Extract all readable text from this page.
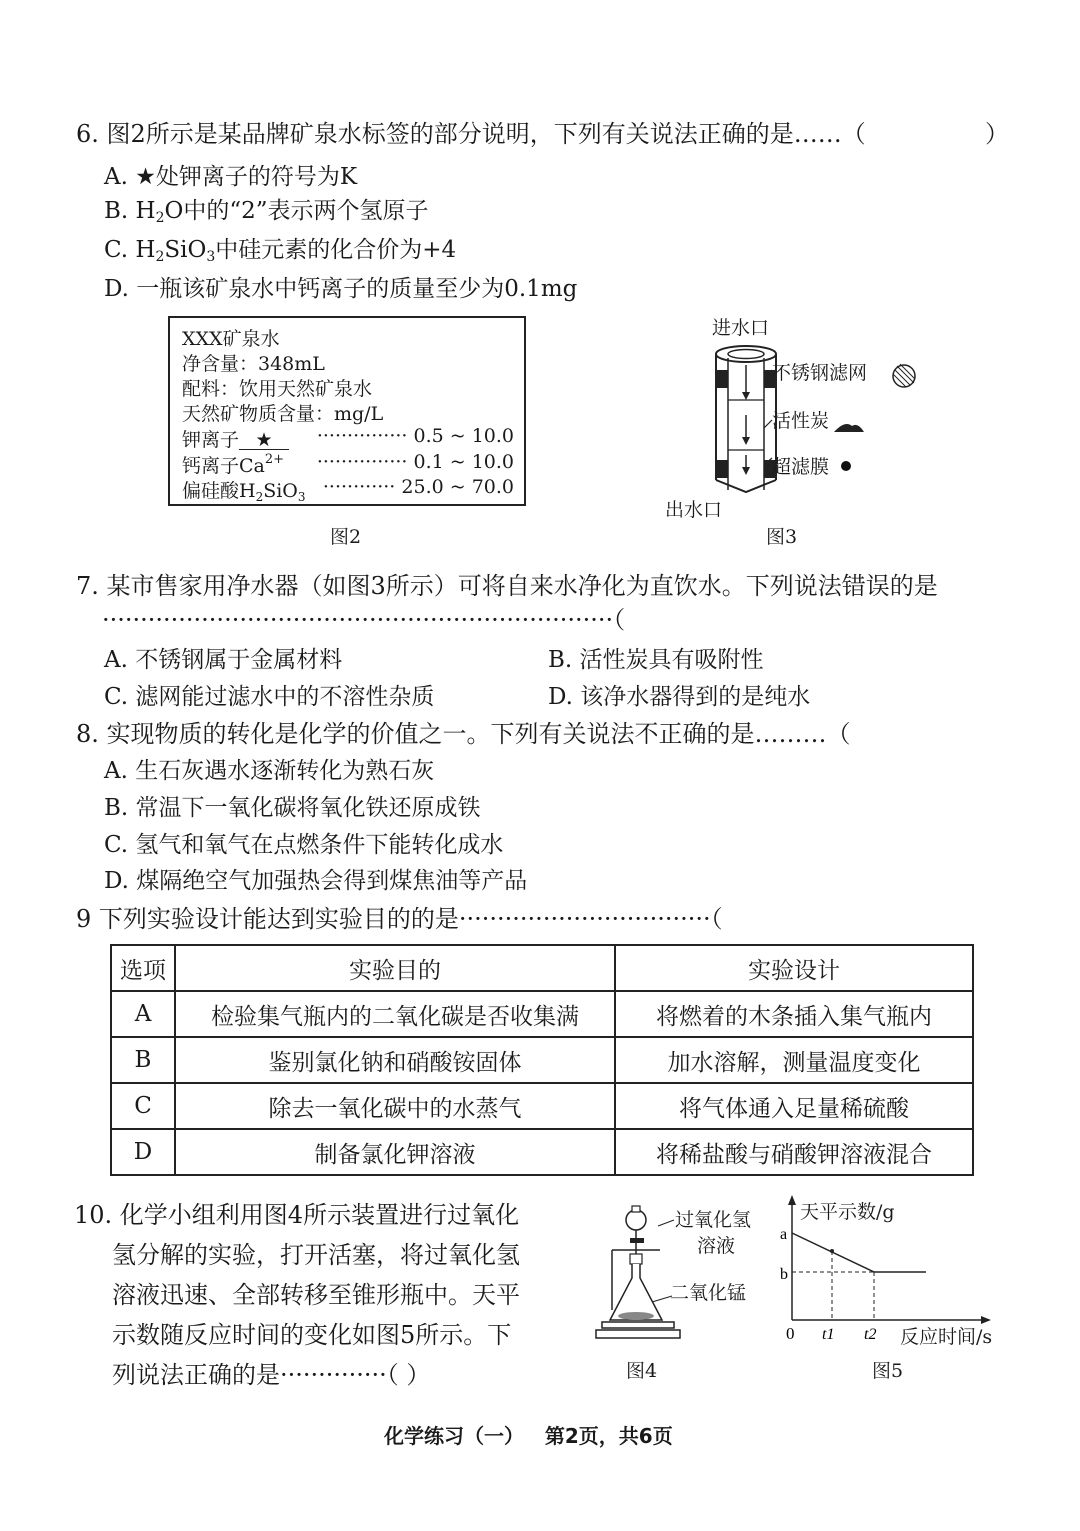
6. 图2所示是某品牌矿泉水标签的部分说明，下列有关说法正确的是……（	）
A. ★处钾离子的符号为K
B. $H_2O$中的“2”表示两个氢原子
C. $H_2SiO_3$中硅元素的化合价为+4
D. 一瓶该矿泉水中钙离子的质量至少为0.1mg
XXX矿泉水
净含量：348mL
配料：饮用天然矿泉水
天然矿物质含量：mg/L
钾离子 ★	··············· 0.5 ~ 10.0
钙离子$Ca^{2+}$ ··············· 0.1 ~ 10.0
偏硅酸$H_2SiO_3$ ············ 25.0 ~ 70.0
图2
进水口
不锈钢滤网
活性炭
超滤膜
出水口
图3
7. 某市售家用净水器（如图3所示）可将自来水净化为直饮水。下列说法错误的是
···································································（
A. 不锈钢属于金属材料	B. 活性炭具有吸附性
C. 滤网能过滤水中的不溶性杂质	D. 该净水器得到的是纯水
8. 实现物质的转化是化学的价值之一。下列有关说法不正确的是………（
A. 生石灰遇水逐渐转化为熟石灰
B. 常温下一氧化碳将氧化铁还原成铁
C. 氢气和氧气在点燃条件下能转化成水
D. 煤隔绝空气加强热会得到煤焦油等产品
9 下列实验设计能达到实验目的的是·································（
选项	实验目的	实验设计
A	检验集气瓶内的二氧化碳是否收集满	将燃着的木条插入集气瓶内
B	鉴别氯化钠和硝酸铵固体	加水溶解，测量温度变化
C	除去一氧化碳中的水蒸气	将气体通入足量稀硫酸
D	制备氯化钾溶液	将稀盐酸与硝酸钾溶液混合
10. 化学小组利用图4所示装置进行过氧化
氢分解的实验，打开活塞，将过氧化氢
溶液迅速、全部转移至锥形瓶中。天平
示数随反应时间的变化如图5所示。下
列说法正确的是··············（ ）
过氧化氢
溶液
二氧化锰
图4
a
b
0 t1 t2
天平示数/g
反应时间/s
图5
化学练习（一）   第2页，共6页
